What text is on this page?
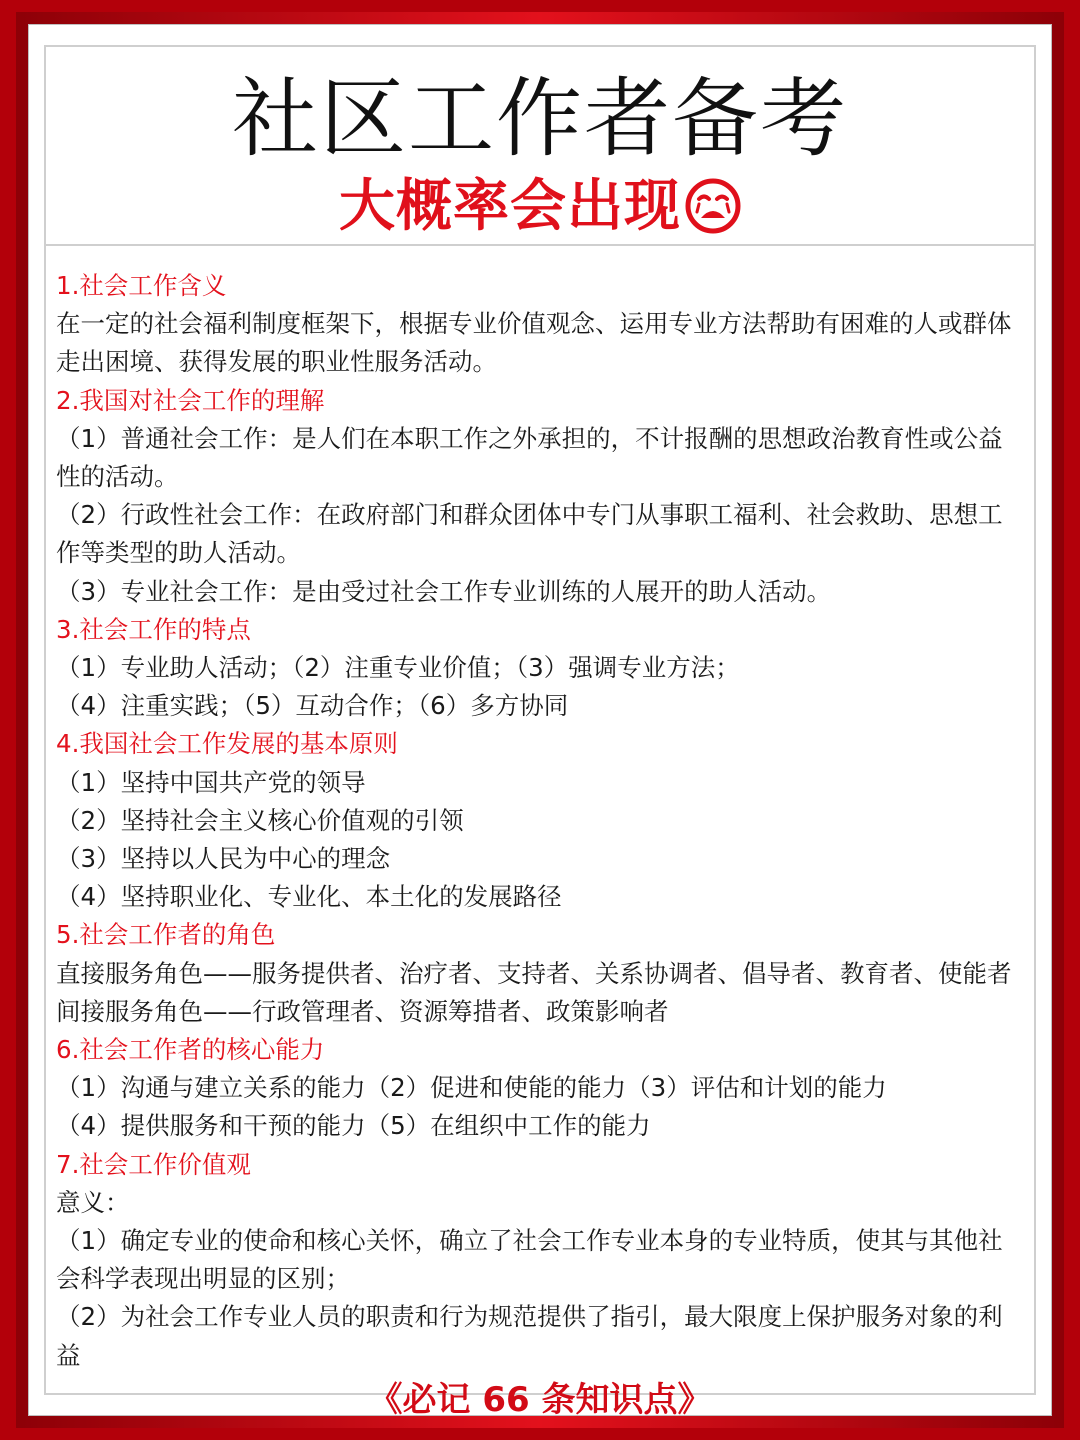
社区工作者备考
大概率会出现
1.社会工作含义
在一定的社会福利制度框架下，根据专业价值观念、运用专业方法帮助有困难的人或群体
走出困境、获得发展的职业性服务活动。
2.我国对社会工作的理解
（1）普通社会工作：是人们在本职工作之外承担的，不计报酬的思想政治教育性或公益
性的活动。
（2）行政性社会工作：在政府部门和群众团体中专门从事职工福利、社会救助、思想工
作等类型的助人活动。
（3）专业社会工作：是由受过社会工作专业训练的人展开的助人活动。
3.社会工作的特点
（1）专业助人活动；（2）注重专业价值；（3）强调专业方法；
（4）注重实践；（5）互动合作；（6）多方协同
4.我国社会工作发展的基本原则
（1）坚持中国共产党的领导
（2）坚持社会主义核心价值观的引领
（3）坚持以人民为中心的理念
（4）坚持职业化、专业化、本土化的发展路径
5.社会工作者的角色
直接服务角色——服务提供者、治疗者、支持者、关系协调者、倡导者、教育者、使能者
间接服务角色——行政管理者、资源筹措者、政策影响者
6.社会工作者的核心能力
（1）沟通与建立关系的能力（2）促进和使能的能力（3）评估和计划的能力
（4）提供服务和干预的能力（5）在组织中工作的能力
7.社会工作价值观
意义：
（1）确定专业的使命和核心关怀，确立了社会工作专业本身的专业特质，使其与其他社
会科学表现出明显的区别；
（2）为社会工作专业人员的职责和行为规范提供了指引，最大限度上保护服务对象的利
益
《必记 66 条知识点》
